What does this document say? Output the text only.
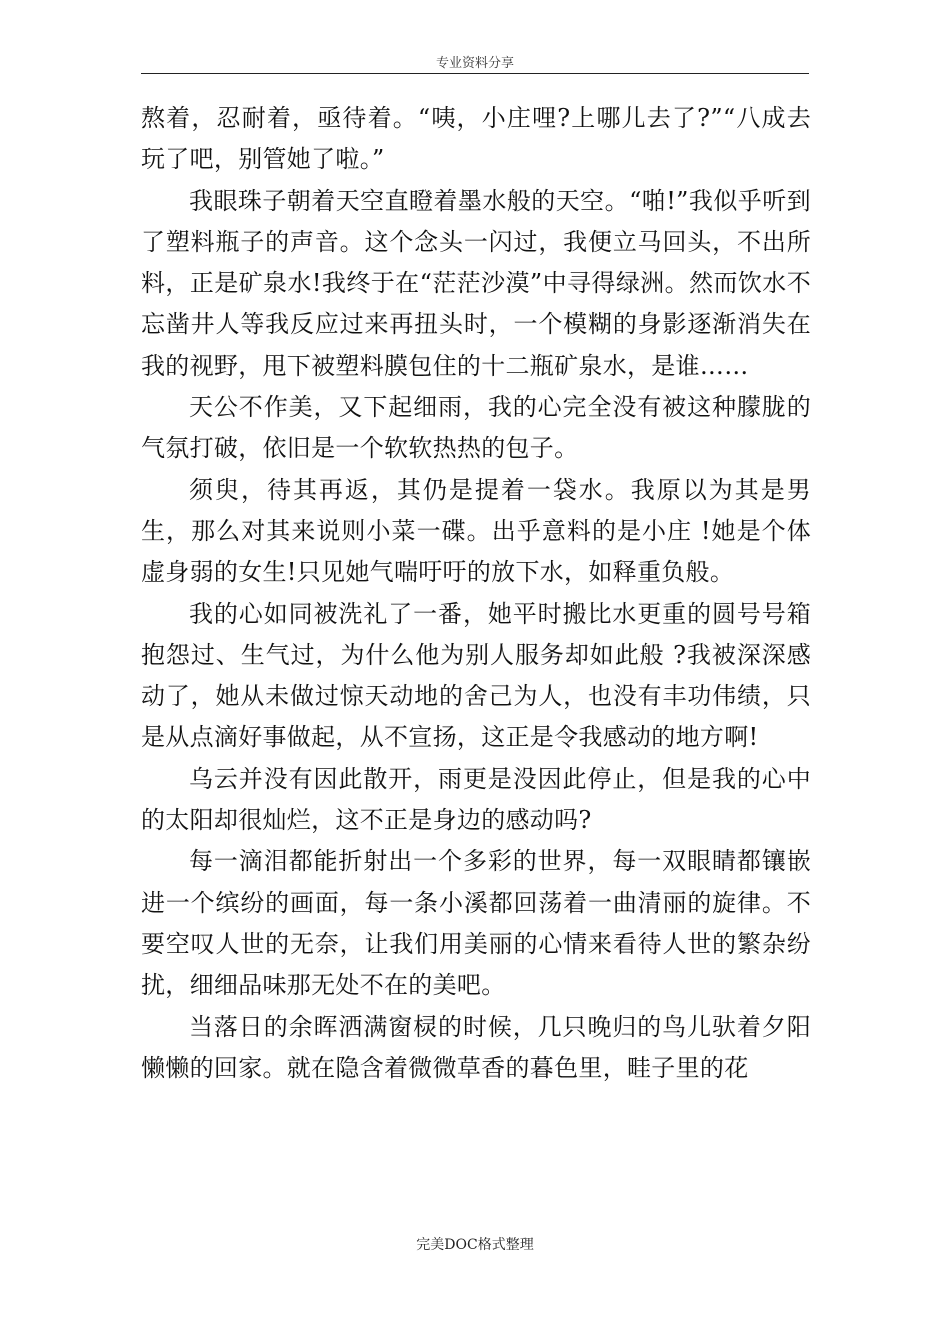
专业资料分享

熬着，忍耐着，亟待着。“咦，小庄哩?上哪儿去了?”“八成去玩了吧，别管她了啦。”

我眼珠子朝着天空直瞪着墨水般的天空。“啪!”我似乎听到了塑料瓶子的声音。这个念头一闪过，我便立马回头，不出所料，正是矿泉水!我终于在“茫茫沙漠”中寻得绿洲。然而饮水不忘凿井人等我反应过来再扭头时，一个模糊的身影逐渐消失在我的视野，甩下被塑料膜包住的十二瓶矿泉水，是谁……

天公不作美，又下起细雨，我的心完全没有被这种朦胧的气氛打破，依旧是一个软软热热的包子。

须臾，待其再返，其仍是提着一袋水。我原以为其是男生，那么对其来说则小菜一碟。出乎意料的是小庄 !她是个体虚身弱的女生!只见她气喘吁吁的放下水，如释重负般。

我的心如同被洗礼了一番，她平时搬比水更重的圆号号箱抱怨过、生气过，为什么他为别人服务却如此般 ?我被深深感动了，她从未做过惊天动地的舍己为人，也没有丰功伟绩，只是从点滴好事做起，从不宣扬，这正是令我感动的地方啊!

乌云并没有因此散开，雨更是没因此停止，但是我的心中的太阳却很灿烂，这不正是身边的感动吗?

每一滴泪都能折射出一个多彩的世界，每一双眼睛都镶嵌进一个缤纷的画面，每一条小溪都回荡着一曲清丽的旋律。不要空叹人世的无奈，让我们用美丽的心情来看待人世的繁杂纷扰，细细品味那无处不在的美吧。

当落日的余晖洒满窗棂的时候，几只晚归的鸟儿驮着夕阳懒懒的回家。就在隐含着微微草香的暮色里，畦子里的花

完美DOC格式整理
